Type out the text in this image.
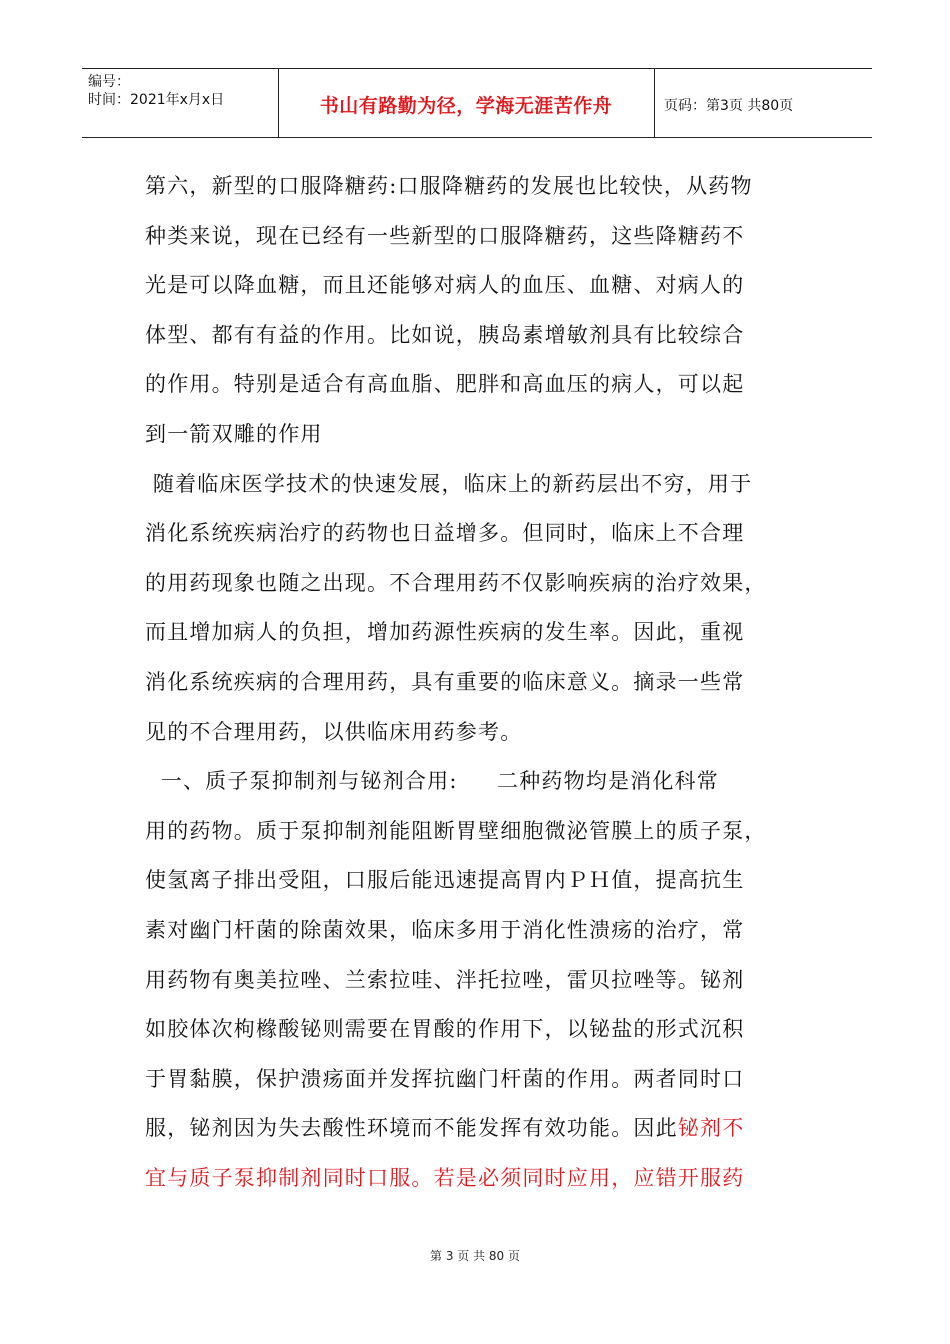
编号：
时间：2021年x月x日	书山有路勤为径，学海无涯苦作舟	页码：第3页 共80页
第六，新型的口服降糖药:口服降糖药的发展也比较快，从药物
种类来说，现在已经有一些新型的口服降糖药，这些降糖药不
光是可以降血糖，而且还能够对病人的血压、血糖、对病人的
体型、都有有益的作用。比如说，胰岛素增敏剂具有比较综合
的作用。特别是适合有高血脂、肥胖和高血压的病人，可以起
到一箭双雕的作用
随着临床医学技术的快速发展，临床上的新药层出不穷，用于
消化系统疾病治疗的药物也日益增多。但同时，临床上不合理
的用药现象也随之出现。不合理用药不仅影响疾病的治疗效果，
而且增加病人的负担，增加药源性疾病的发生率。因此，重视
消化系统疾病的合理用药，具有重要的临床意义。摘录一些常
见的不合理用药，以供临床用药参考。
一、质子泵抑制剂与铋剂合用:     二种药物均是消化科常
用的药物。质于泵抑制剂能阻断胃壁细胞微泌管膜上的质子泵，
使氢离子排出受阻，口服后能迅速提高胃内ＰＨ值，提高抗生
素对幽门杆菌的除菌效果，临床多用于消化性溃疡的治疗，常
用药物有奥美拉唑、兰索拉哇、泮托拉唑，雷贝拉唑等。铋剂
如胶体次枸橼酸铋则需要在胃酸的作用下，以铋盐的形式沉积
于胃黏膜，保护溃疡面并发挥抗幽门杆菌的作用。两者同时口
服，铋剂因为失去酸性环境而不能发挥有效功能。因此铋剂不
宜与质子泵抑制剂同时口服。若是必须同时应用，应错开服药
第 3 页 共 80 页
